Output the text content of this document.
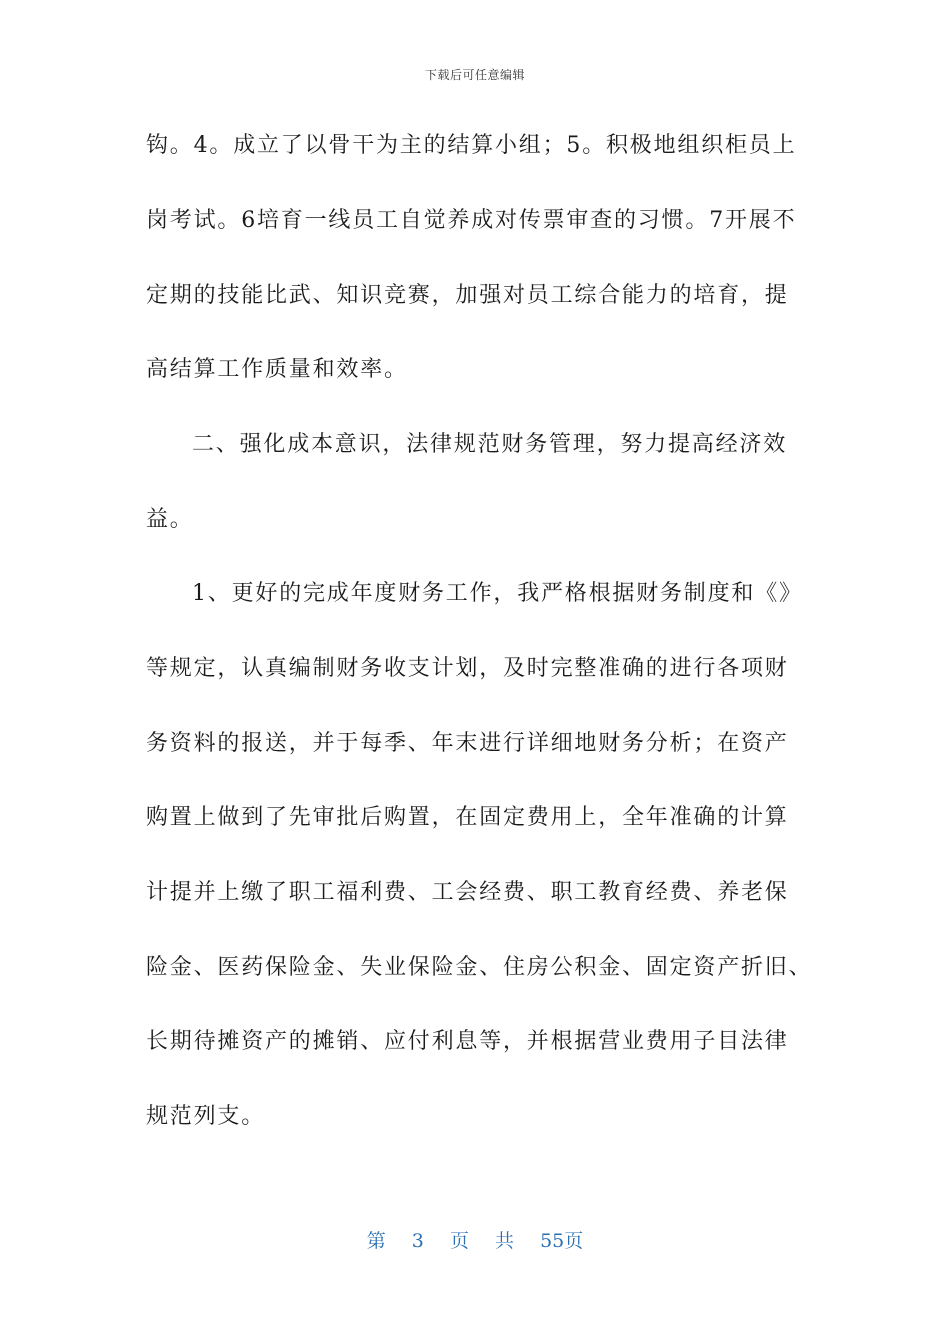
下载后可任意编辑
钩。4。成立了以骨干为主的结算小组；5。积极地组织柜员上
岗考试。6培育一线员工自觉养成对传票审查的习惯。7开展不
定期的技能比武、知识竞赛，加强对员工综合能力的培育，提
高结算工作质量和效率。
二、强化成本意识，法律规范财务管理，努力提高经济效
益。
1、更好的完成年度财务工作，我严格根据财务制度和《》
等规定，认真编制财务收支计划，及时完整准确的进行各项财
务资料的报送，并于每季、年末进行详细地财务分析；在资产
购置上做到了先审批后购置，在固定费用上，全年准确的计算
计提并上缴了职工福利费、工会经费、职工教育经费、养老保
险金、医药保险金、失业保险金、住房公积金、固定资产折旧、
长期待摊资产的摊销、应付利息等，并根据营业费用子目法律
规范列支。
第 3 页 共 55页
